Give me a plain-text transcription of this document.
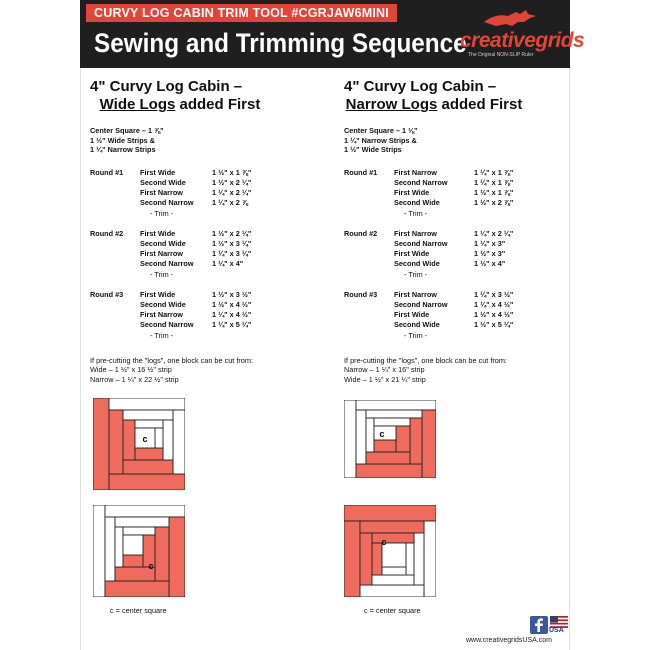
CURVY LOG CABIN TRIM TOOL #CGRJAW6MINI
Sewing and Trimming Sequence
creativegrids
The Original NON-SLIP Ruler
4" Curvy Log Cabin –
Wide Logs added First
Center Square – 1 ⅞"
1 ½" Wide Strips &
1 ¼" Narrow Strips
Round #1 First Wide	1 ½" x 1 ⅞"
Second Wide	1 ½" x 2 ¼"
First Narrow	1 ¼" x 2 ¼"
Second Narrow	1 ¼" x 2 ⅞
- Trim -
Round #2 First Wide	1 ½" x 2 ¼"
Second Wide	1 ½" x 3 ¼"
First Narrow	1 ¼" x 3 ¼"
Second Narrow	1 ¼" x 4"
- Trim -
Round #3 First Wide	1 ½" x 3 ½"
Second Wide	1 ½" x 4 ½"
First Narrow	1 ¼" x 4 ½"
Second Narrow	1 ¼" x 5 ¼"
- Trim -
If pre-cutting the "logs", one block can be cut from:
Wide – 1 ½" x 16 ½" strip
Narrow – 1 ¼" x 22 ½" strip
4" Curvy Log Cabin –
Narrow Logs added First
Center Square – 1 ⅛"
1 ¼" Narrow Strips &
1 ½" Wide Strips
Round #1 First Narrow	1 ¼" x 1 ⅞"
Second Narrow	1 ¼" x 1 ⅞"
First Wide	1 ½" x 1 ⅞"
Second Wide	1 ½" x 2 ⅞"
- Trim -
Round #2 First Narrow	1 ¼" x 2 ¼"
Second Narrow	1 ¼" x 3"
First Wide	1 ½" x 3"
Second Wide	1 ½" x 4"
- Trim -
Round #3 First Narrow	1 ¼" x 3 ½"
Second Narrow	1 ¼" x 4 ½"
First Wide	1 ½" x 4 ½"
Second Wide	1 ½" x 5 ¼"
- Trim -
If pre-cutting the "logs", one block can be cut from:
Narrow – 1 ¼" x 16" strip
Wide – 1 ½" x 21 ¼" strip
c
c
c
c
c = center square	c = center square
USA
www.creativegridsUSA.com
